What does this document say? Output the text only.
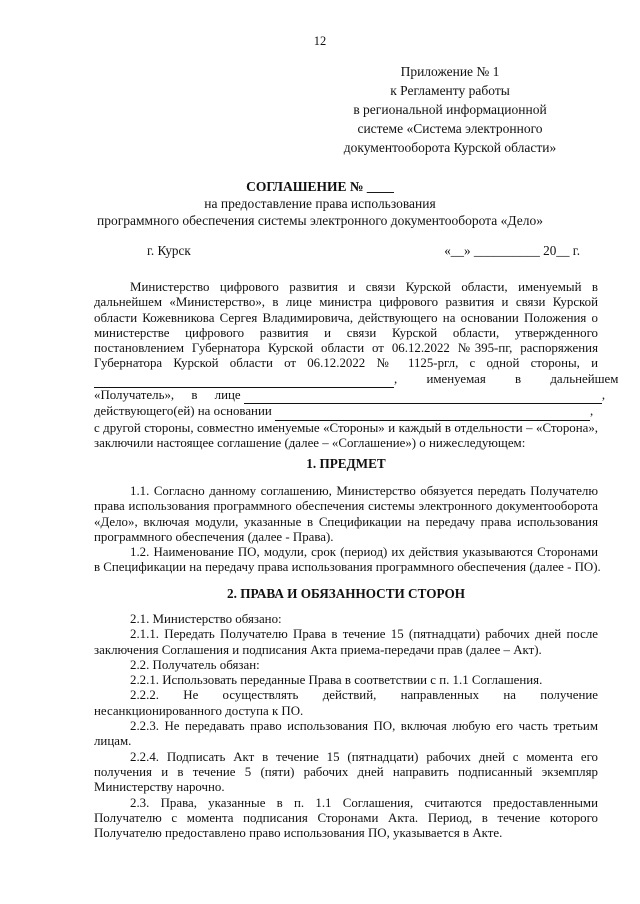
12
Приложение № 1
к Регламенту работы
в региональной информационной
системе «Система электронного
документооборота Курской области»
СОГЛАШЕНИЕ № ____
на предоставление права использования
программного обеспечения системы электронного документооборота «Дело»
г. Курск	«__» __________ 20__ г.
Министерство цифрового развития и связи Курской области, именуемый в
дальнейшем «Министерство», в лице министра цифрового развития и связи Курской
области Кожевникова Сергея Владимировича, действующего на основании Положения о
министерстве цифрового развития и связи Курской области, утвержденного
постановлением Губернатора Курской области от 06.12.2022 №395-пг, распоряжения
Губернатора Курской области от 06.12.2022 № 1125-ргл, с одной стороны, и
, именуемая в дальнейшем
«Получатель», в лице	,
действующего(ей) на основании	,
с другой стороны, совместно именуемые «Стороны» и каждый в отдельности – «Сторона»,
заключили настоящее соглашение (далее – «Соглашение») о нижеследующем:
1. ПРЕДМЕТ
1.1. Согласно данному соглашению, Министерство обязуется передать Получателю
права использования программного обеспечения системы электронного документооборота
«Дело», включая модули, указанные в Спецификации на передачу права использования
программного обеспечения (далее - Права).
1.2. Наименование ПО, модули, срок (период) их действия указываются Сторонами
в Спецификации на передачу права использования программного обеспечения (далее - ПО).
2. ПРАВА И ОБЯЗАННОСТИ СТОРОН
2.1. Министерство обязано:
2.1.1. Передать Получателю Права в течение 15 (пятнадцати) рабочих дней после
заключения Соглашения и подписания Акта приема-передачи прав (далее – Акт).
2.2. Получатель обязан:
2.2.1. Использовать переданные Права в соответствии с п. 1.1 Соглашения.
2.2.2. Не осуществлять действий, направленных на получение
несанкционированного доступа к ПО.
2.2.3. Не передавать право использования ПО, включая любую его часть третьим
лицам.
2.2.4. Подписать Акт в течение 15 (пятнадцати) рабочих дней с момента его
получения и в течение 5 (пяти) рабочих дней направить подписанный экземпляр
Министерству нарочно.
2.3. Права, указанные в п. 1.1 Соглашения, считаются предоставленными
Получателю с момента подписания Сторонами Акта. Период, в течение которого
Получателю предоставлено право использования ПО, указывается в Акте.
